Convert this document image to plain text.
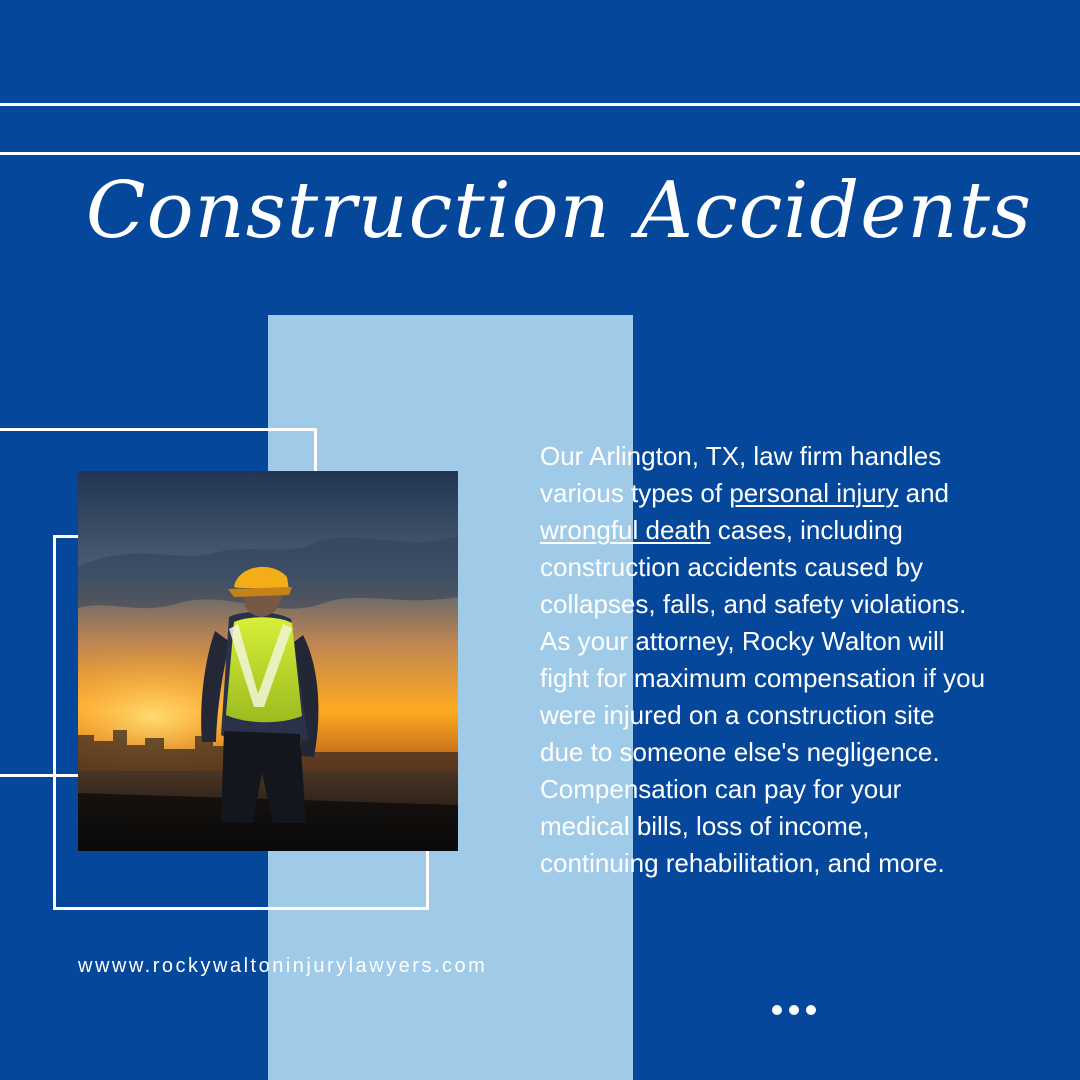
Construction Accidents
Our Arlington, TX, law firm handles
various types of personal injury and
wrongful death cases, including
construction accidents caused by
collapses, falls, and safety violations.
As your attorney, Rocky Walton will
fight for maximum compensation if you
were injured on a construction site
due to someone else's negligence.
Compensation can pay for your
medical bills, loss of income,
continuing rehabilitation, and more.
wwww.rockywaltoninjurylawyers.com
